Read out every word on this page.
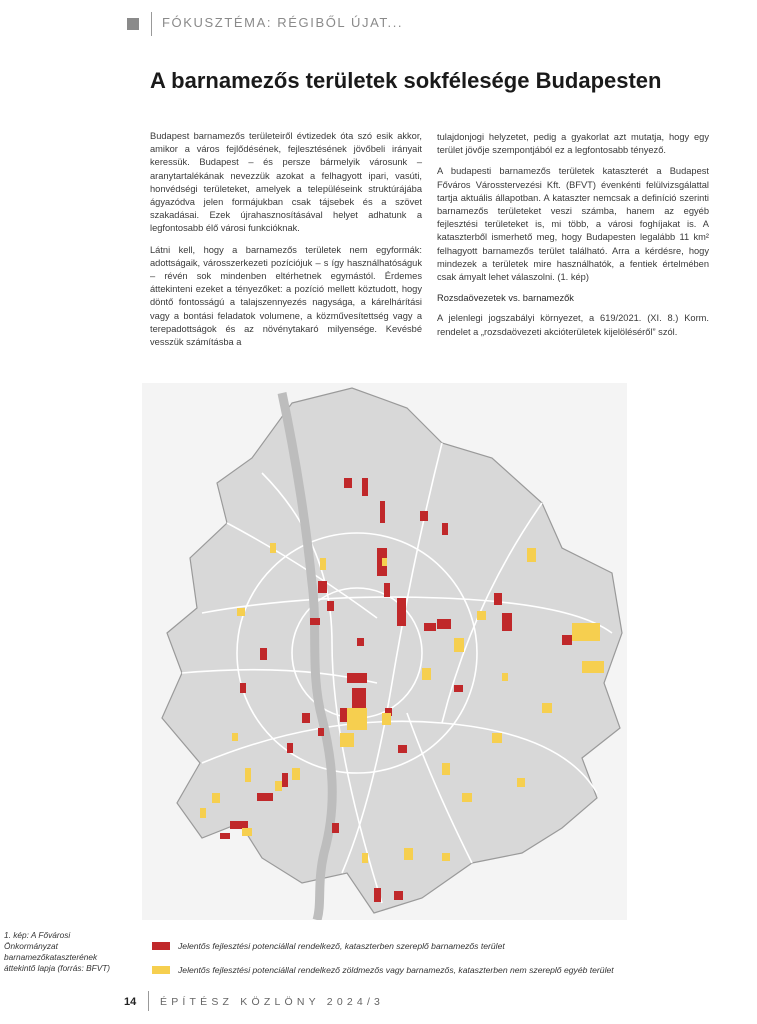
FÓKUSZTÉMA: RÉGIBŐL ÚJAT...
A barnamezős területek sokfélesége Budapesten

Budapest barnamezős területeiről évtizedek óta szó esik akkor, amikor a város fejlődésének, fejlesztésének jövőbeli irányait keressük. Budapest – és persze bármelyik városunk – aranytartalékának nevezzük azokat a felhagyott ipari, vasúti, honvédségi területeket, amelyek a településeink struktúrájába ágyazódva jelen formájukban csak tájsebek és a szövet szakadásai. Ezek újrahasznosításával helyet adhatunk a legfontosabb élő városi funkcióknak.

Látni kell, hogy a barnamezős területek nem egyformák: adottságaik, városszerkezeti pozíciójuk – s így használhatóságuk – révén sok mindenben eltérhetnek egymástól. Érdemes áttekinteni ezeket a tényezőket: a pozíció mellett köztudott, hogy döntő fontosságú a talajszennyezés nagysága, a kárelhárítási vagy a bontási feladatok volumene, a közművesítettség vagy a terepadottságok és az növénytakaró milyensége. Kevésbé vesszük számításba a

tulajdonjogi helyzetet, pedig a gyakorlat azt mutatja, hogy egy terület jövője szempontjából ez a legfontosabb tényező.

A budapesti barnamezős területek kataszterét a Budapest Főváros Városstervezési Kft. (BFVT) évenkénti felülvizsgálattal tartja aktuális állapotban. A kataszter nemcsak a definíció szerinti barnamezős területeket veszi számba, hanem az egyéb fejlesztési területeket is, mi több, a városi foghíjakat is. A kataszterből ismerhető meg, hogy Budapesten legalább 11 km² felhagyott barnamezős terület található. Arra a kérdésre, hogy mindezek a területek mire használhatók, a fentiek értelmében csak ámyalt lehet válaszolni. (1. kép)

Rozsdaövezetek vs. barnamezők

A jelenlegi jogszabályi környezet, a 619/2021. (XI. 8.) Korm. rendelet a „rozsdaövezeti akcióterületek kijelöléséről” szól.

1. kép: A Fővárosi Önkormányzat barnamezőkataszterének áttekintő lapja (forrás: BFVT)
Jelentős fejlesztési potenciállal rendelkező, kataszterben szereplő barnamezős terület
Jelentős fejlesztési potenciállal rendelkező zöldmezős vagy barnamezős, kataszterben nem szereplő egyéb terület
14 ÉPÍTÉSZ KÖZLÖNY 2024/3
